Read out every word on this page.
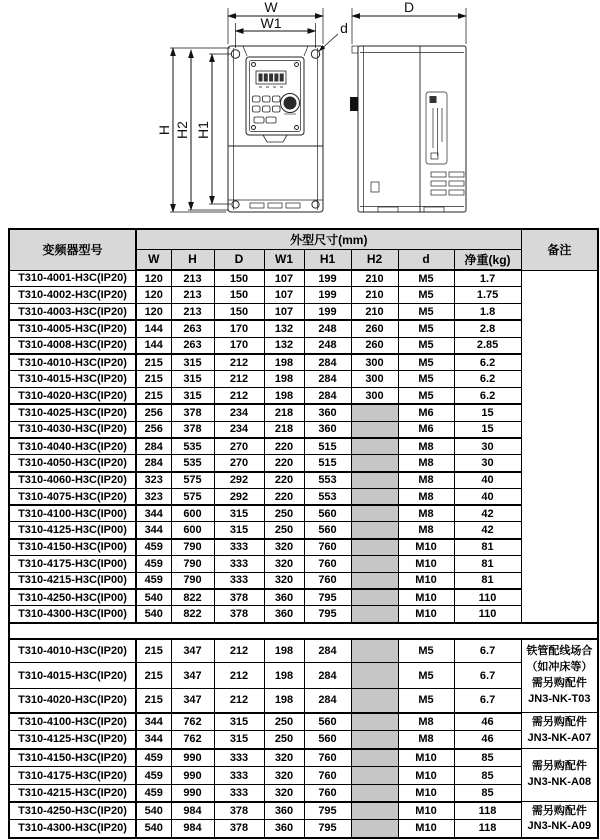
W
W1	d
H H2 H1
D
变频器型号	外型尺寸(mm)								备注
	W	H	D	W1	H1	H2	d	净重(kg)	
T310-4001-H3C(IP20)	120	213	150	107	199	210	M5	1.7	
T310-4002-H3C(IP20)	120	213	150	107	199	210	M5	1.75	
T310-4003-H3C(IP20)	120	213	150	107	199	210	M5	1.8	
T310-4005-H3C(IP20)	144	263	170	132	248	260	M5	2.8	
T310-4008-H3C(IP20)	144	263	170	132	248	260	M5	2.85	
T310-4010-H3C(IP20)	215	315	212	198	284	300	M5	6.2	
T310-4015-H3C(IP20)	215	315	212	198	284	300	M5	6.2	
T310-4020-H3C(IP20)	215	315	212	198	284	300	M5	6.2	
T310-4025-H3C(IP20)	256	378	234	218	360		M6	15	
T310-4030-H3C(IP20)	256	378	234	218	360		M6	15	
T310-4040-H3C(IP20)	284	535	270	220	515		M8	30	
T310-4050-H3C(IP20)	284	535	270	220	515		M8	30	
T310-4060-H3C(IP20)	323	575	292	220	553		M8	40	
T310-4075-H3C(IP20)	323	575	292	220	553		M8	40	
T310-4100-H3C(IP00)	344	600	315	250	560		M8	42	
T310-4125-H3C(IP00)	344	600	315	250	560		M8	42	
T310-4150-H3C(IP00)	459	790	333	320	760		M10	81	
T310-4175-H3C(IP00)	459	790	333	320	760		M10	81	
T310-4215-H3C(IP00)	459	790	333	320	760		M10	81	
T310-4250-H3C(IP00)	540	822	378	360	795		M10	110	
T310-4300-H3C(IP00)	540	822	378	360	795		M10	110	

T310-4010-H3C(IP20)	215	347	212	198	284		M5	6.7	铁管配线场合
（如冲床等）
需另购配件
JN3-NK-T03

T310-4015-H3C(IP20)	215	347	212	198	284		M5	6.7	
T310-4020-H3C(IP20)	215	347	212	198	284		M5	6.7	
T310-4100-H3C(IP20)	344	762	315	250	560		M8	46	需另购配件
JN3-NK-A07

T310-4125-H3C(IP20)	344	762	315	250	560		M8	46	
T310-4150-H3C(IP20)	459	990	333	320	760		M10	85	需另购配件
JN3-NK-A08

T310-4175-H3C(IP20)	459	990	333	320	760		M10	85	
T310-4215-H3C(IP20)	459	990	333	320	760		M10	85	
T310-4250-H3C(IP20)	540	984	378	360	795		M10	118	需另购配件
JN3-NK-A09

T310-4300-H3C(IP20)	540	984	378	360	795		M10	118	
